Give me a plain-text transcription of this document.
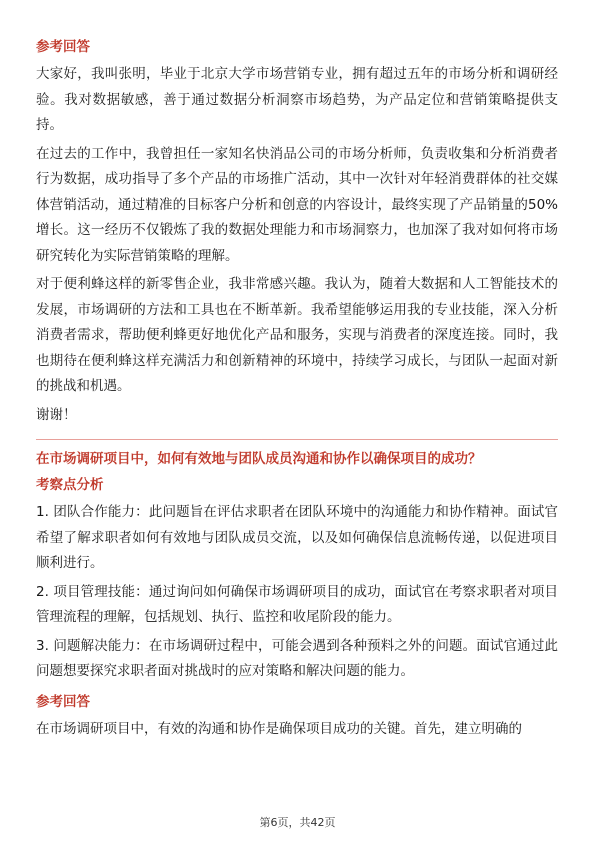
参考回答

大家好，我叫张明，毕业于北京大学市场营销专业，拥有超过五年的市场分析和调研经验。我对数据敏感，善于通过数据分析洞察市场趋势，为产品定位和营销策略提供支持。

在过去的工作中，我曾担任一家知名快消品公司的市场分析师，负责收集和分析消费者行为数据，成功指导了多个产品的市场推广活动，其中一次针对年轻消费群体的社交媒体营销活动，通过精准的目标客户分析和创意的内容设计，最终实现了产品销量的50%增长。这一经历不仅锻炼了我的数据处理能力和市场洞察力，也加深了我对如何将市场研究转化为实际营销策略的理解。

对于便利蜂这样的新零售企业，我非常感兴趣。我认为，随着大数据和人工智能技术的发展，市场调研的方法和工具也在不断革新。我希望能够运用我的专业技能，深入分析消费者需求，帮助便利蜂更好地优化产品和服务，实现与消费者的深度连接。同时，我也期待在便利蜂这样充满活力和创新精神的环境中，持续学习成长，与团队一起面对新的挑战和机遇。

谢谢！

在市场调研项目中，如何有效地与团队成员沟通和协作以确保项目的成功？
考察点分析

1. 团队合作能力：此问题旨在评估求职者在团队环境中的沟通能力和协作精神。面试官希望了解求职者如何有效地与团队成员交流，以及如何确保信息流畅传递，以促进项目顺利进行。

2. 项目管理技能：通过询问如何确保市场调研项目的成功，面试官在考察求职者对项目管理流程的理解，包括规划、执行、监控和收尾阶段的能力。

3. 问题解决能力：在市场调研过程中，可能会遇到各种预料之外的问题。面试官通过此问题想要探究求职者面对挑战时的应对策略和解决问题的能力。

参考回答

在市场调研项目中，有效的沟通和协作是确保项目成功的关键。首先，建立明确的

第6页，共42页
